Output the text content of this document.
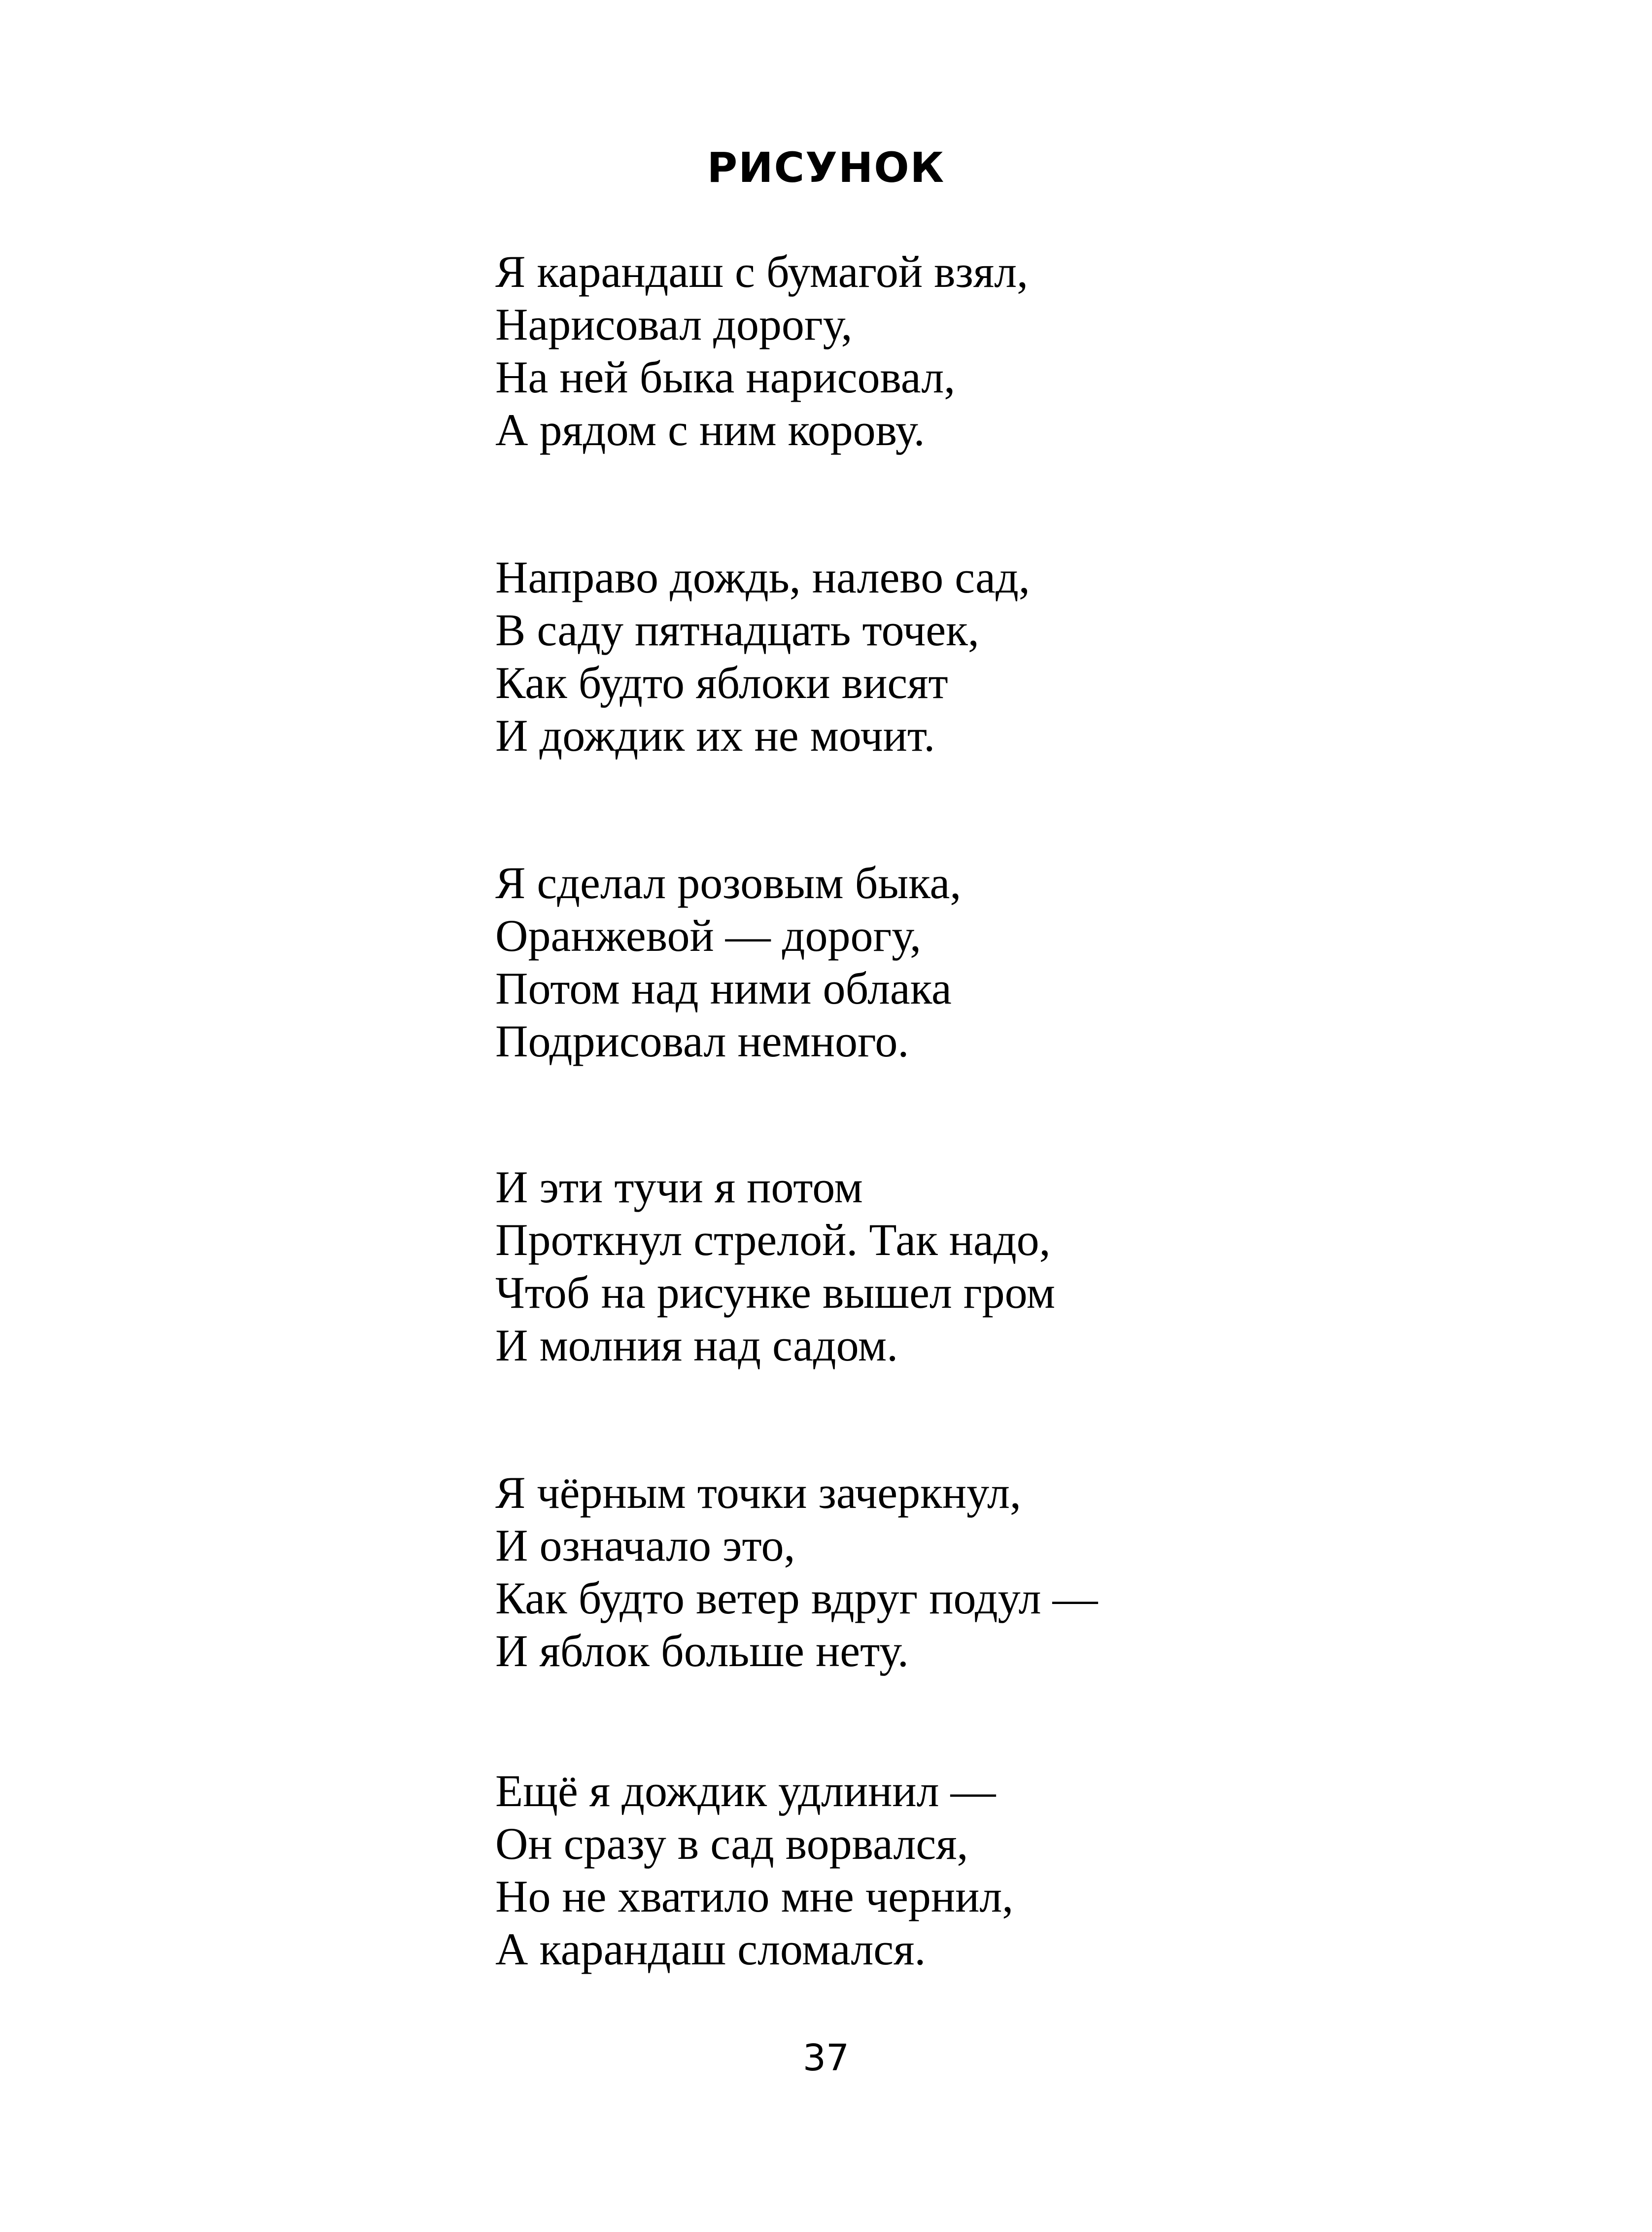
РИСУНОК
Я карандаш с бумагой взял,
Нарисовал дорогу,
На ней быка нарисовал,
А рядом с ним корову.
Направо дождь, налево сад,
В саду пятнадцать точек,
Как будто яблоки висят
И дождик их не мочит.
Я сделал розовым быка,
Оранжевой — дорогу,
Потом над ними облака
Подрисовал немного.
И эти тучи я потом
Проткнул стрелой. Так надо,
Чтоб на рисунке вышел гром
И молния над садом.
Я чёрным точки зачеркнул,
И означало это,
Как будто ветер вдруг подул —
И яблок больше нету.
Ещё я дождик удлинил —
Он сразу в сад ворвался,
Но не хватило мне чернил,
А карандаш сломался.
37
